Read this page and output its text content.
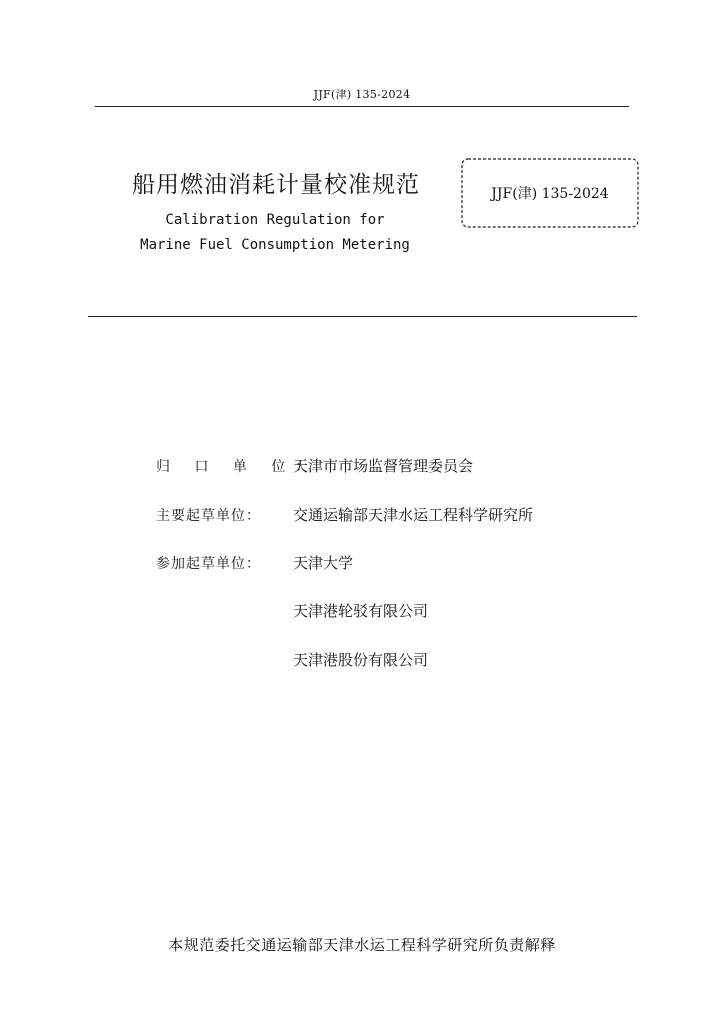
JJF(津) 135-2024
船用燃油消耗计量校准规范
Calibration Regulation for
Marine Fuel Consumption Metering
JJF(津) 135-2024
归 口 单 位：
天津市市场监督管理委员会
主要起草单位：	交通运输部天津水运工程科学研究所
参加起草单位：	天津大学
天津港轮驳有限公司
天津港股份有限公司
本规范委托交通运输部天津水运工程科学研究所负责解释
